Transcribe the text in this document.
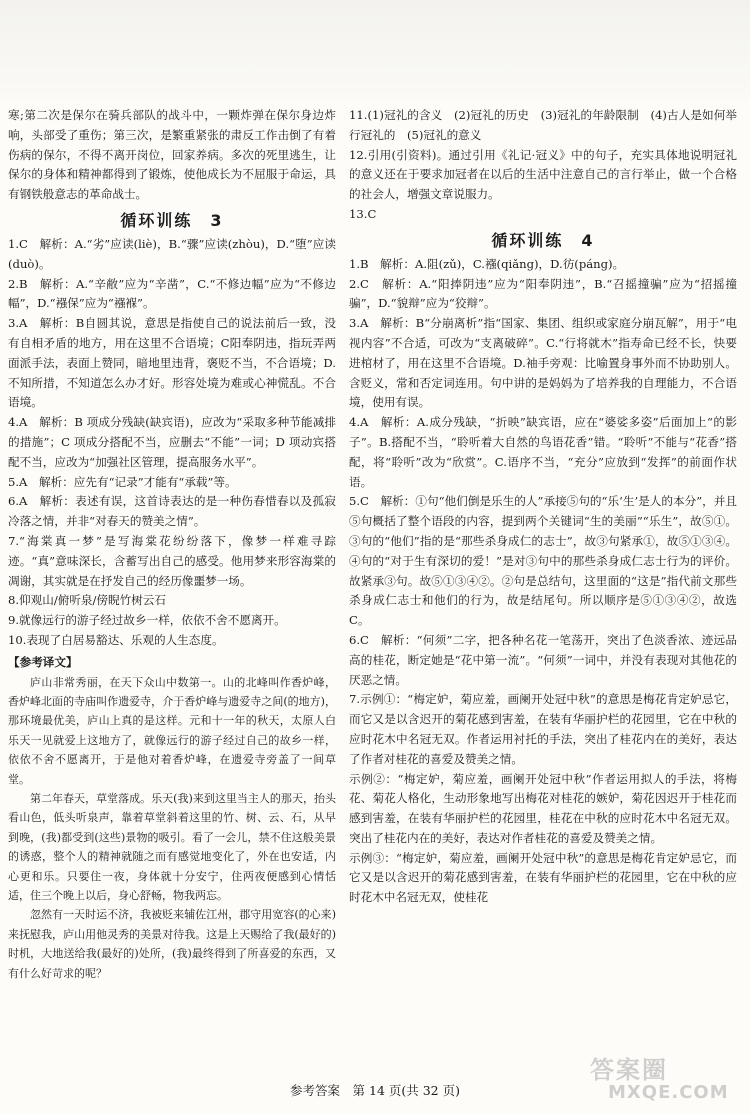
寒;第二次是保尔在骑兵部队的战斗中，一颗炸弹在保尔身边炸响，头部受了重伤；第三次，是繁重紧张的肃反工作击倒了有着伤病的保尔，不得不离开岗位，回家养病。多次的死里逃生，让保尔的身体和精神都得到了锻炼，使他成长为不屈服于命运，具有钢铁般意志的革命战士。

循环训练　3

1.C　解析：A.“劣”应读(liè)，B.“骤”应读(zhòu)，D.“堕”应读(duò)。

2.B　解析：A.“辛敝”应为“辛凿”，C.“不修边幅”应为“不修边幅”，D.“襁保”应为“襁褓”。

3.A　解析：B自圆其说，意思是指使自己的说法前后一致，没有自相矛盾的地方，用在这里不合语境；C阳奉阴违，指玩弄两面派手法，表面上赞同，暗地里违背，褒贬不当，不合语境；D.不知所措，不知道怎么办才好。形容处境为难或心神慌乱。不合语境。

4.A　解析：B 项成分残缺(缺宾语)，应改为“采取多种节能减排的措施”；C 项成分搭配不当，应删去“不能”一词；D 项动宾搭配不当，应改为“加强社区管理，提高服务水平”。

5.A　解析：应先有“记录”才能有“承载”等。

6.A　解析：表述有误，这首诗表达的是一种伤春惜春以及孤寂冷落之情，并非“对春天的赞美之情”。

7.“海棠真一梦”是写海棠花纷纷落下，像梦一样难寻踪迹。“真”意味深长，含蓄写出自己的感受。他用梦来形容海棠的凋谢，其实就是在抒发自己的经历像噩梦一场。

8.仰观山/俯听泉/傍睨竹树云石

9.就像远行的游子经过故乡一样，依依不舍不愿离开。

10.表现了白居易豁达、乐观的人生态度。

【参考译文】

庐山非常秀丽，在天下众山中数第一。山的北峰叫作香炉峰，香炉峰北面的寺庙叫作遗爱寺，介于香炉峰与遗爱寺之间(的地方)，那环境最优美，庐山上真的是这样。元和十一年的秋天，太原人白乐天一见就爱上这地方了，就像远行的游子经过自己的故乡一样，依依不舍不愿离开，于是他对着香炉峰，在遗爱寺旁盖了一间草堂。

第二年春天，草堂落成。乐天(我)来到这里当主人的那天，抬头看山色，低头听泉声，靠着草堂斜着这里的竹、树、云、石，从早到晚，(我)都受到(这些)景物的吸引。看了一会儿，禁不住这般美景的诱惑，整个人的精神就随之而有感觉地变化了，外在也安适，内心更和乐。只要住一夜，身体就十分安宁，住两夜便感到心情恬适，住三个晚上以后，身心舒畅，物我两忘。

忽然有一天时运不济，我被贬来辅佐江州，郡守用宽容(的心来)来抚慰我，庐山用他灵秀的美景对待我。这是上天赐给了我(最好的)时机，大地送给我(最好的)处所，(我)最终得到了所喜爱的东西，又有什么好苛求的呢？

11.(1)冠礼的含义　(2)冠礼的历史　(3)冠礼的年龄限制　(4)古人是如何举行冠礼的　(5)冠礼的意义

12.引用(引资料)。通过引用《礼记·冠义》中的句子，充实具体地说明冠礼的意义还在于要求加冠者在以后的生活中注意自己的言行举止，做一个合格的社会人，增强文章说服力。

13.C

循环训练　4

1.B　解析：A.阻(zǔ)，C.襁(qiǎng)，D.彷(páng)。

2.C　解析：A.“阳捧阴违”应为“阳奉阴违”，B.“召摇撞骗”应为“招摇撞骗”，D.“貌辩”应为“狡辩”。

3.A　解析：B“分崩离析”指“国家、集团、组织或家庭分崩瓦解”，用于“电视内容”不合适，可改为“支离破碎”。C.“行将就木”指寿命已经不长，快要进棺材了，用在这里不合语境。D.袖手旁观：比喻置身事外而不协助别人。含贬义，常和否定词连用。句中讲的是妈妈为了培养我的自理能力，不合语境，使用有误。

4.A　解析：A.成分残缺，“折映”缺宾语，应在“婆娑多姿”后面加上“的影子”。B.搭配不当，“聆听着大自然的鸟语花香”错。“聆听”不能与“花香”搭配，将“聆听”改为“欣赏”。C.语序不当，“充分”应放到“发挥”的前面作状语。

5.C　解析：①句“他们倒是乐生的人”承接⑤句的“乐‘生’是人的本分”，并且⑤句概括了整个语段的内容，提到两个关键词“生的美丽”“乐生”，故⑤①。③句的“他们”指的是“那些杀身成仁的志士”，故③句紧承①，故⑤①③④。④句的“对于生有深切的爱！”是对③句中的那些杀身成仁志士行为的评价。故紧承③句。故⑤①③④②。②句是总结句，这里面的“这是”指代前文那些杀身成仁志士和他们的行为，故是结尾句。所以顺序是⑤①③④②，故选 C。

6.C　解析：“何须”二字，把各种名花一笔荡开，突出了色淡香浓、迹远品高的桂花，断定她是“花中第一流”。“何须”一词中，并没有表现对其他花的厌恶之情。

7.示例①：“梅定妒，菊应羞，画阑开处冠中秋”的意思是梅花肯定妒忌它，而它又是以含迟开的菊花感到害羞，在装有华丽护栏的花园里，它在中秋的应时花木中名冠无双。作者运用衬托的手法，突出了桂花内在的美好，表达了作者对桂花的喜爱及赞美之情。

示例②：“梅定妒，菊应羞，画阑开处冠中秋”作者运用拟人的手法，将梅花、菊花人格化，生动形象地写出梅花对桂花的嫉妒，菊花因迟开于桂花而感到害羞，在装有华丽护栏的花园里，桂花在中秋的应时花木中名冠无双。突出了桂花内在的美好，表达对作者桂花的喜爱及赞美之情。

示例③：“梅定妒，菊应羞，画阑开处冠中秋”的意思是梅花肯定妒忌它，而它又是以含迟开的菊花感到害羞，在装有华丽护栏的花园里，它在中秋的应时花木中名冠无双，使桂花

参考答案　第 14 页(共 32 页)
答案圈
MXQE.COM
